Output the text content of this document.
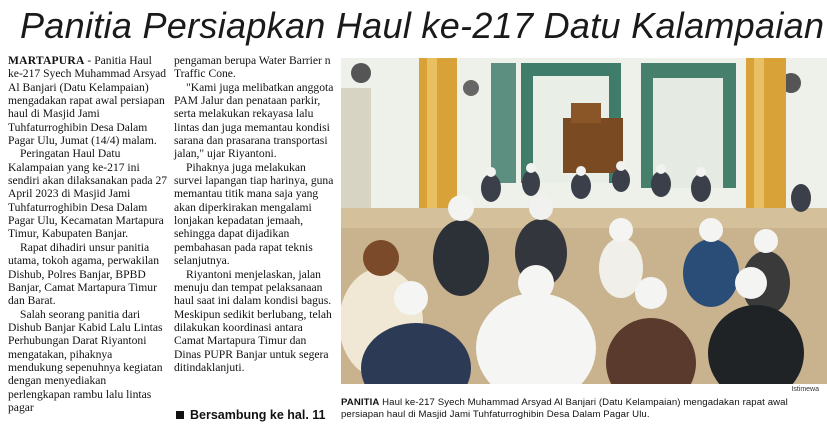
Panitia Persiapkan Haul ke-217 Datu Kalampaian

MARTAPURA - Panitia Haul ke-217 Syech Muhammad Arsyad Al Banjari (Datu Kelampaian) mengadakan rapat awal persiapan haul di Masjid Jami Tuhfaturroghibin Desa Dalam Pagar Ulu, Jumat (14/4) malam.

Peringatan Haul Datu Kalampaian yang ke-217 ini sendiri akan dilaksanakan pada 27 April 2023 di Masjid Jami Tuhfaturroghibin Desa Dalam Pagar Ulu, Kecamatan Martapura Timur, Kabupaten Banjar.

Rapat dihadiri unsur panitia utama, tokoh agama, perwakilan Dishub, Polres Banjar, BPBD Banjar, Camat Martapura Timur dan Barat.

Salah seorang panitia dari Dishub Banjar Kabid Lalu Lintas Perhubungan Darat Riyantoni mengatakan, pihaknya mendukung sepenuhnya kegiatan dengan menyediakan perlengkapan rambu lalu lintas pagar

pengaman berupa Water Barrier n Traffic Cone.

"Kami juga melibatkan anggota PAM Jalur dan penataan parkir, serta melakukan rekayasa lalu lintas dan juga memantau kondisi sarana dan prasarana transportasi jalan," ujar Riyantoni.

Pihaknya juga melakukan survei lapangan tiap harinya, guna memantau titik mana saja yang akan diperkirakan mengalami lonjakan kepadatan jemaah, sehingga dapat dijadikan pembahasan pada rapat teknis selanjutnya.

Riyantoni menjelaskan, jalan menuju dan tempat pelaksanaan haul saat ini dalam kondisi bagus. Meskipun sedikit berlubang, telah dilakukan koordinasi antara Camat Martapura Timur dan Dinas PUPR Banjar untuk segera ditindaklanjuti.

Bersambung ke hal. 11
Istimewa
PANITIA Haul ke-217 Syech Muhammad Arsyad Al Banjari (Datu Kelampaian) mengadakan rapat awal persiapan haul di Masjid Jami Tuhfaturroghibin Desa Dalam Pagar Ulu.
